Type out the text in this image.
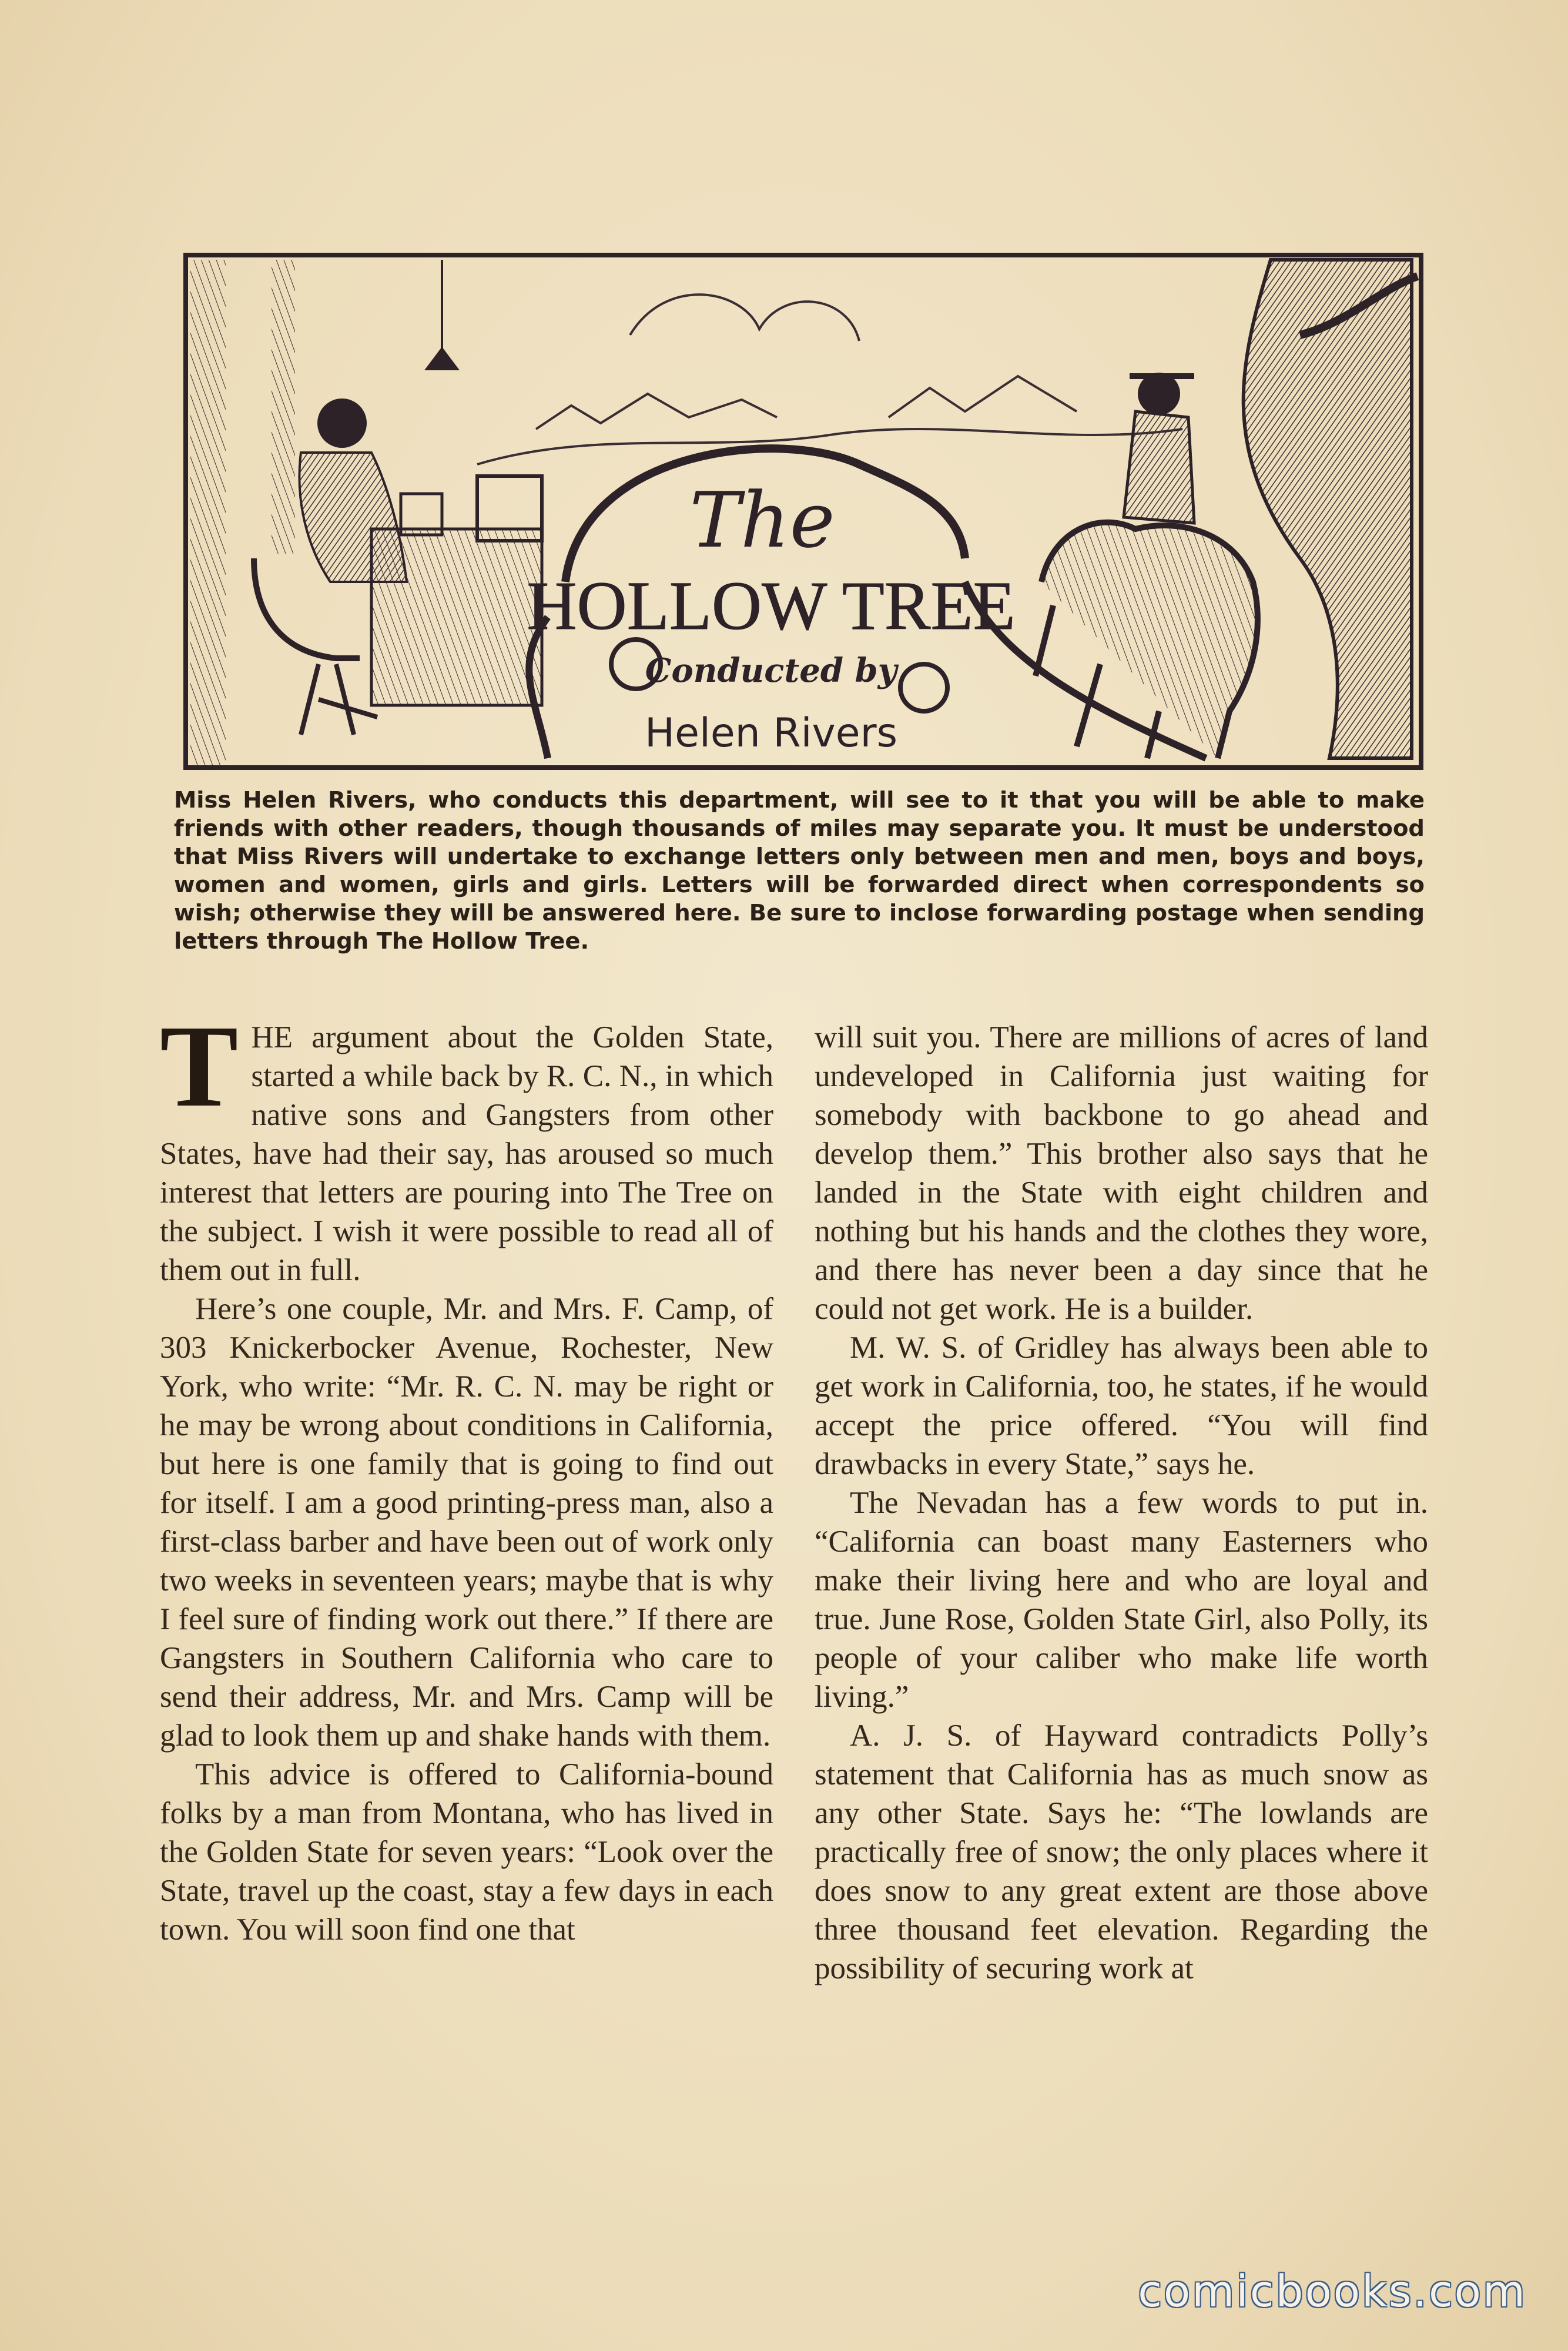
The
HOLLOW TREE
Conducted by
Helen Rivers

Miss Helen Rivers, who conducts this department, will see to it that you will be able to make friends with other readers, though thousands of miles may separate you. It must be understood that Miss Rivers will undertake to exchange letters only between men and men, boys and boys, women and women, girls and girls. Letters will be forwarded direct when correspondents so wish; otherwise they will be answered here. Be sure to inclose forwarding postage when sending letters through The Hollow Tree.

THE argument about the Golden State, started a while back by R. C. N., in which native sons and Gangsters from other States, have had their say, has aroused so much interest that letters are pouring into The Tree on the subject. I wish it were possible to read all of them out in full.

Here’s one couple, Mr. and Mrs. F. Camp, of 303 Knickerbocker Avenue, Rochester, New York, who write: “Mr. R. C. N. may be right or he may be wrong about conditions in California, but here is one family that is going to find out for itself. I am a good printing-press man, also a first-class barber and have been out of work only two weeks in seventeen years; maybe that is why I feel sure of finding work out there.” If there are Gangsters in Southern California who care to send their address, Mr. and Mrs. Camp will be glad to look them up and shake hands with them.

This advice is offered to California-bound folks by a man from Montana, who has lived in the Golden State for seven years: “Look over the State, travel up the coast, stay a few days in each town. You will soon find one that

will suit you. There are millions of acres of land undeveloped in California just waiting for somebody with backbone to go ahead and develop them.” This brother also says that he landed in the State with eight children and nothing but his hands and the clothes they wore, and there has never been a day since that he could not get work. He is a builder.

M. W. S. of Gridley has always been able to get work in California, too, he states, if he would accept the price offered. “You will find drawbacks in every State,” says he.

The Nevadan has a few words to put in. “California can boast many Easterners who make their living here and who are loyal and true. June Rose, Golden State Girl, also Polly, its people of your caliber who make life worth living.”

A. J. S. of Hayward contradicts Polly’s statement that California has as much snow as any other State. Says he: “The lowlands are practically free of snow; the only places where it does snow to any great extent are those above three thousand feet elevation. Regarding the possibility of securing work at

comicbooks.com
